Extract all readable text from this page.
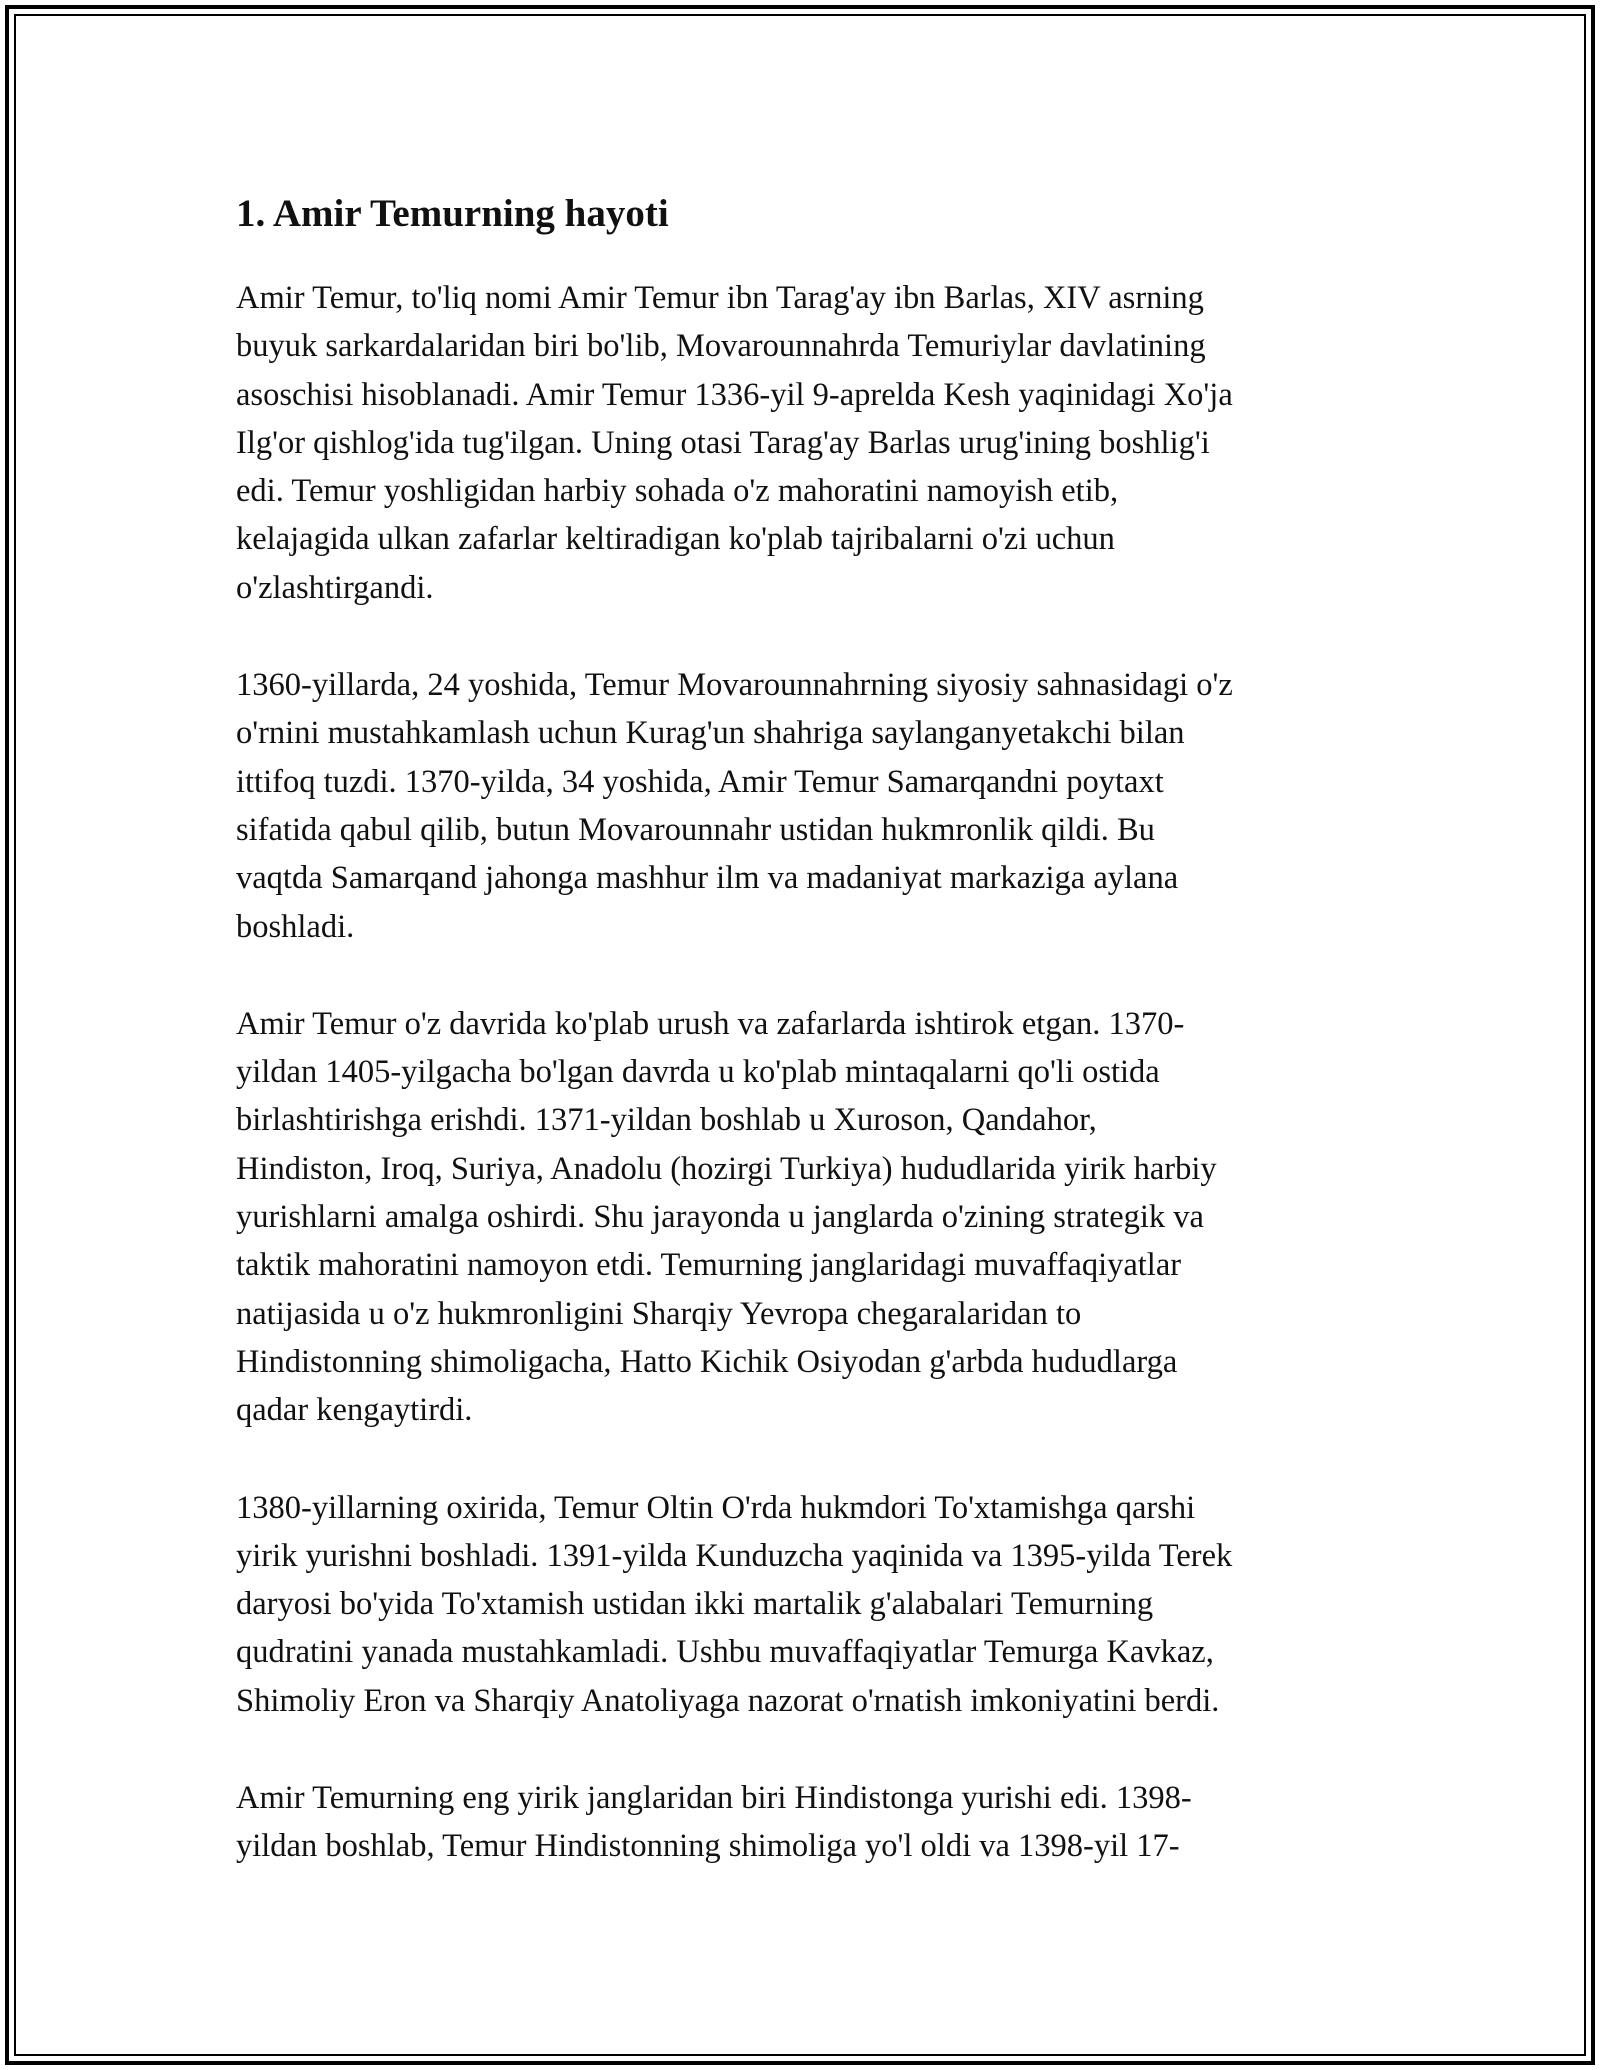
1. Amir Temurning hayoti

Amir Temur, to'liq nomi Amir Temur ibn Tarag'ay ibn Barlas, XIV asrning
buyuk sarkardalaridan biri bo'lib, Movarounnahrda Temuriylar davlatining
asoschisi hisoblanadi. Amir Temur 1336-yil 9-aprelda Kesh yaqinidagi Xo'ja
Ilg'or qishlog'ida tug'ilgan. Uning otasi Tarag'ay Barlas urug'ining boshlig'i
edi. Temur yoshligidan harbiy sohada o'z mahoratini namoyish etib,
kelajagida ulkan zafarlar keltiradigan ko'plab tajribalarni o'zi uchun
o'zlashtirgandi.

1360-yillarda, 24 yoshida, Temur Movarounnahrning siyosiy sahnasidagi o'z
o'rnini mustahkamlash uchun Kurag'un shahriga saylanganyetakchi bilan
ittifoq tuzdi. 1370-yilda, 34 yoshida, Amir Temur Samarqandni poytaxt
sifatida qabul qilib, butun Movarounnahr ustidan hukmronlik qildi. Bu
vaqtda Samarqand jahonga mashhur ilm va madaniyat markaziga aylana
boshladi.

Amir Temur o'z davrida ko'plab urush va zafarlarda ishtirok etgan. 1370-
yildan 1405-yilgacha bo'lgan davrda u ko'plab mintaqalarni qo'li ostida
birlashtirishga erishdi. 1371-yildan boshlab u Xuroson, Qandahor,
Hindiston, Iroq, Suriya, Anadolu (hozirgi Turkiya) hududlarida yirik harbiy
yurishlarni amalga oshirdi. Shu jarayonda u janglarda o'zining strategik va
taktik mahoratini namoyon etdi. Temurning janglaridagi muvaffaqiyatlar
natijasida u o'z hukmronligini Sharqiy Yevropa chegaralaridan to
Hindistonning shimoligacha, Hatto Kichik Osiyodan g'arbda hududlarga
qadar kengaytirdi.

1380-yillarning oxirida, Temur Oltin O'rda hukmdori To'xtamishga qarshi
yirik yurishni boshladi. 1391-yilda Kunduzcha yaqinida va 1395-yilda Terek
daryosi bo'yida To'xtamish ustidan ikki martalik g'alabalari Temurning
qudratini yanada mustahkamladi. Ushbu muvaffaqiyatlar Temurga Kavkaz,
Shimoliy Eron va Sharqiy Anatoliyaga nazorat o'rnatish imkoniyatini berdi.

Amir Temurning eng yirik janglaridan biri Hindistonga yurishi edi. 1398-
yildan boshlab, Temur Hindistonning shimoliga yo'l oldi va 1398-yil 17-
